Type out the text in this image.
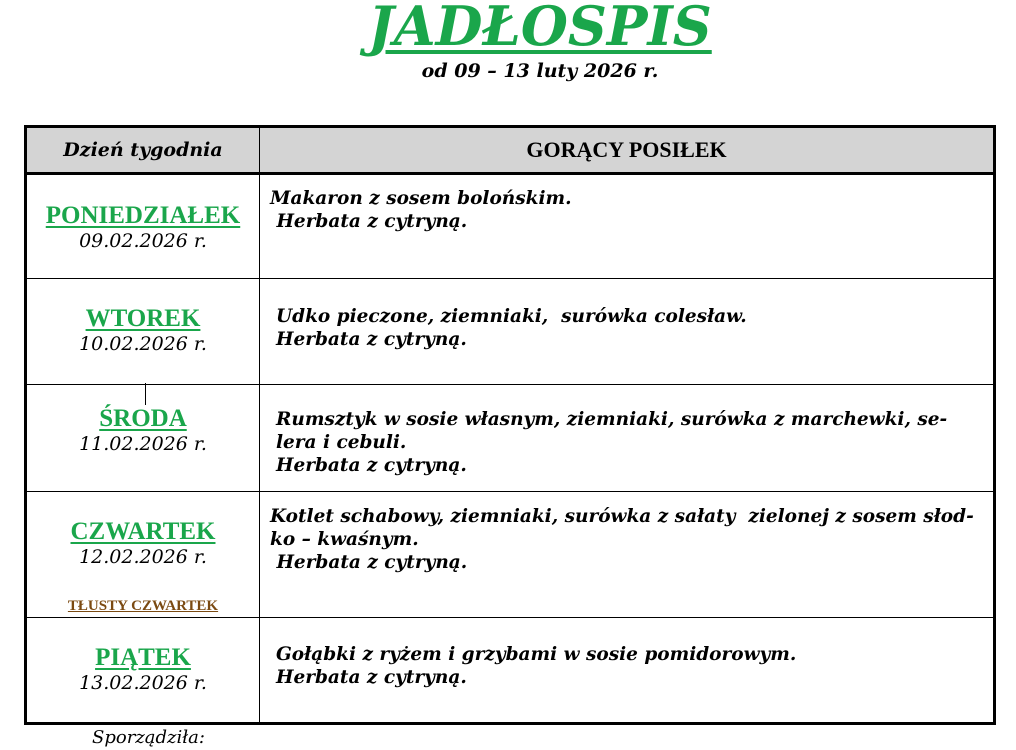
JADŁOSPIS
od 09 – 13 luty 2026 r.
Dzień tygodnia	GORĄCY POSIŁEK

PONIEDZIAŁEK
09.02.2026 r.	Makaron z sosem bolońskim.
Herbata z cytryną.

WTOREK
10.02.2026 r.	Udko pieczone, ziemniaki,  surówka colesław.
Herbata z cytryną.

ŚRODA
11.02.2026 r.	Rumsztyk w sosie własnym, ziemniaki, surówka z marchewki, se-
lera i cebuli.
Herbata z cytryną.

CZWARTEK
12.02.2026 r.
TŁUSTY CZWARTEK	Kotlet schabowy, ziemniaki, surówka z sałaty  zielonej z sosem słod-
ko – kwaśnym.
Herbata z cytryną.

PIĄTEK
13.02.2026 r.	Gołąbki z ryżem i grzybami w sosie pomidorowym.
Herbata z cytryną.
Sporządziła:
